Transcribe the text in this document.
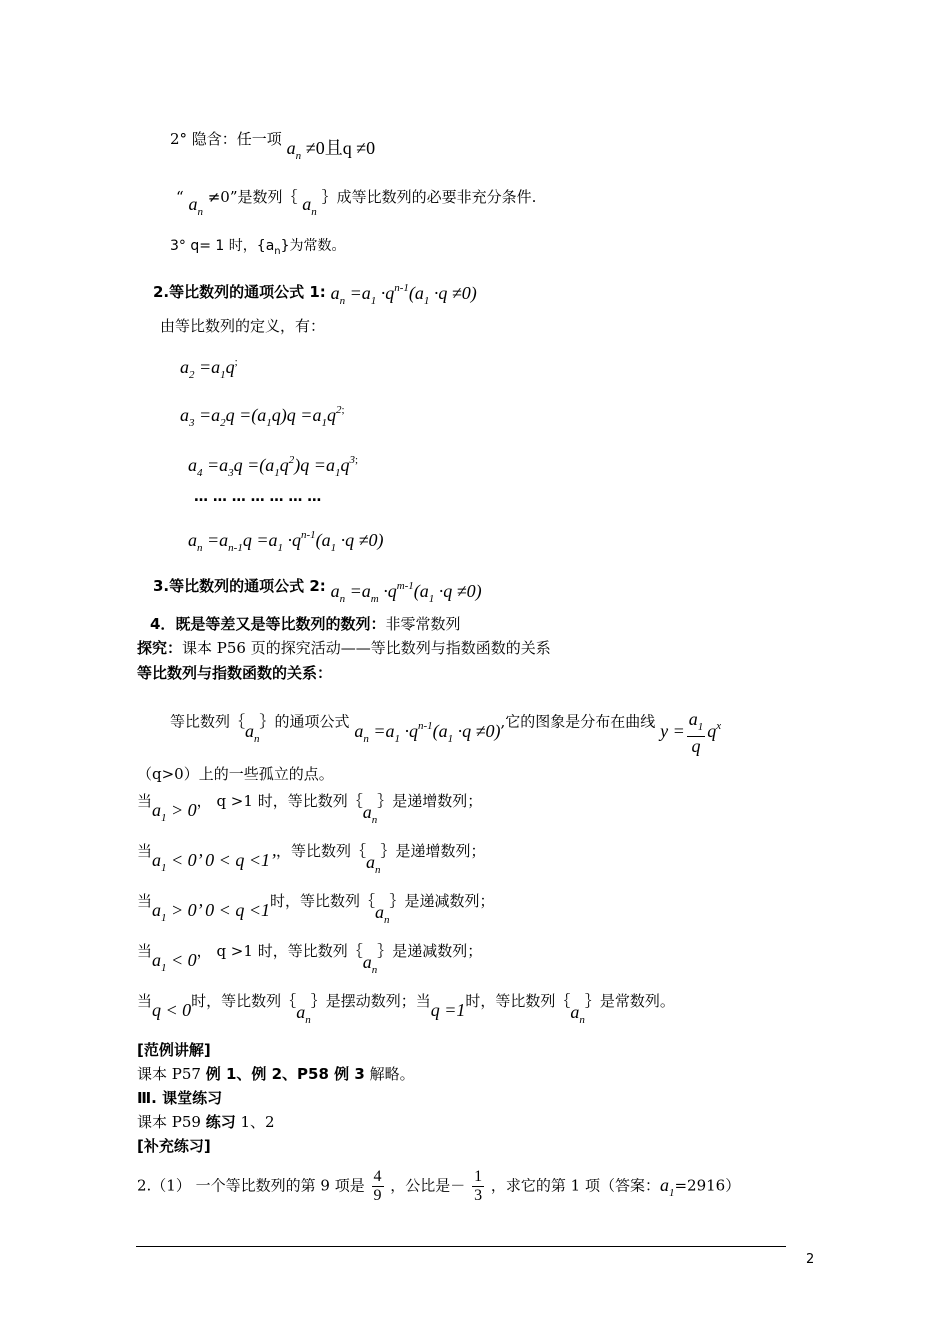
2° 隐含：任一项 $a_n \ne 0$且q ≠0
“ $a_n \ne 0$”是数列｛ $a_n$ ｝成等比数列的必要非充分条件.
3° q= 1 时，$\{a_n\}$为常数。
2.等比数列的通项公式 1: $a_n =a_1 \cdot q^{n-1}(a_1 \cdot q \ne 0)$
由等比数列的定义，有：
$a_2 =a_1q^;$
$a_3 =a_2q =(a_1q)q =a_1q^{2;}$
$a_4 =a_3q =(a_1q^2)q =a_1q^{3;}$
… … … … … … …
$a_n =a_{n-1}q =a_1 \cdot q^{n-1}(a_1 \cdot q \ne 0)$
3.等比数列的通项公式 2: $a_n =a_m \cdot q^{m-1}(a_1 \cdot q \ne 0)$
4．既是等差又是等比数列的数列：非零常数列
探究：课本 P56 页的探究活动——等比数列与指数函数的关系
等比数列与指数函数的关系：
等比数列$\{a_n\}$的通项公式 $a_n =a_1 \cdot q^{n-1}(a_1 \cdot q \ne 0)$,它的图象是分布在曲线 $y = \frac{a_1}{q} q^x$
（q>0）上的一些孤立的点。
当$a_1 > 0$， q >1 时，等比数列$\{a_n\}$是递增数列；
当$a_1 < 0$’ 0 < q <1’，等比数列$\{a_n\}$是递增数列；
当$a_1 > 0$’ 0 < q <1时，等比数列$\{a_n\}$是递减数列；
当$a_1 < 0$， q >1 时，等比数列$\{a_n\}$是递减数列；
当q < 0时，等比数列$\{a_n\}$是摆动数列；当q =1时，等比数列$\{a_n\}$是常数列。
[范例讲解]
课本 P57 例 1、例 2、P58 例 3 解略。
Ⅲ. 课堂练习
课本 P59 练习 1、2
[补充练习]
2.（1） 一个等比数列的第 9 项是 $\frac{4}{9}$ ，公比是－ $\frac{1}{3}$ ，求它的第 1 项（答案：$a_1=2916$）
2
